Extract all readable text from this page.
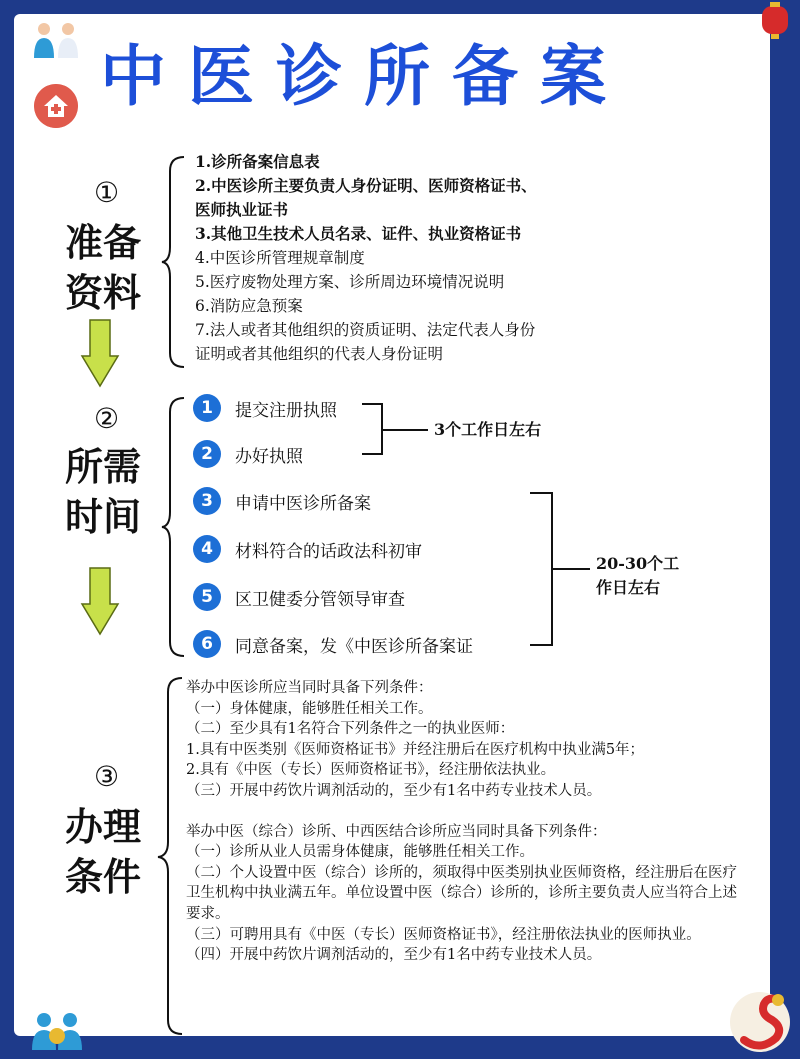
中医诊所备案
①
准备
资料
1.诊所备案信息表
2.中医诊所主要负责人身份证明、医师资格证书、
医师执业证书
3.其他卫生技术人员名录、证件、执业资格证书
4.中医诊所管理规章制度
5.医疗废物处理方案、诊所周边环境情况说明
6.消防应急预案
7.法人或者其他组织的资质证明、法定代表人身份
证明或者其他组织的代表人身份证明
②
所需
时间
1	提交注册执照
2	办好执照
3	申请中医诊所备案
4	材料符合的话政法科初审
5	区卫健委分管领导审查
6	同意备案，发《中医诊所备案证
3个工作日左右
20-30个工
作日左右
③
办理
条件
举办中医诊所应当同时具备下列条件：
（一）身体健康，能够胜任相关工作。
（二）至少具有1名符合下列条件之一的执业医师：
1.具有中医类别《医师资格证书》并经注册后在医疗机构中执业满5年；
2.具有《中医（专长）医师资格证书》，经注册依法执业。
（三）开展中药饮片调剂活动的，至少有1名中药专业技术人员。
举办中医（综合）诊所、中西医结合诊所应当同时具备下列条件：
（一）诊所从业人员需身体健康，能够胜任相关工作。
（二）个人设置中医（综合）诊所的，须取得中医类别执业医师资格，经注册后在医疗卫生机构中执业满五年。单位设置中医（综合）诊所的，诊所主要负责人应当符合上述要求。
（三）可聘用具有《中医（专长）医师资格证书》，经注册依法执业的医师执业。
（四）开展中药饮片调剂活动的，至少有1名中药专业技术人员。
